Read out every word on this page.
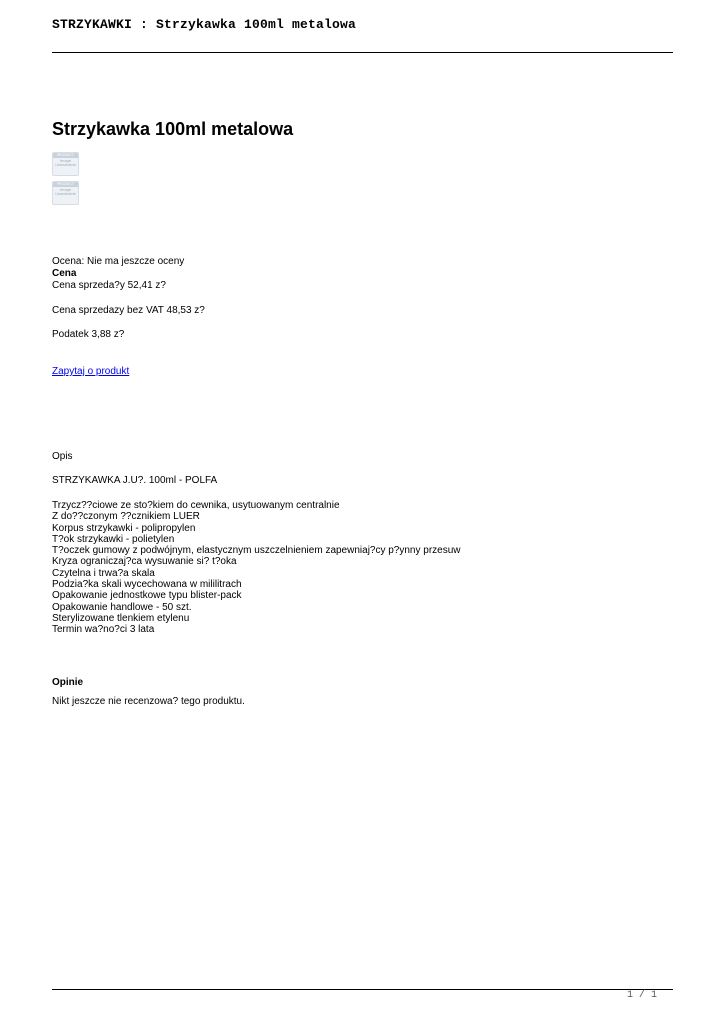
STRZYKAWKI : Strzykawka 100ml metalowa
Strzykawka 100ml metalowa
PRODUCT
Image
Unavailable
PRODUCT
Image
Unavailable
Ocena: Nie ma jeszcze oceny
Cena
Cena sprzeda?y 52,41 z?
Cena sprzedazy bez VAT 48,53 z?
Podatek 3,88 z?
Zapytaj o produkt
Opis
STRZYKAWKA J.U?. 100ml - POLFA
Trzycz??ciowe ze sto?kiem do cewnika, usytuowanym centralnie
Z do??czonym ??cznikiem LUER
Korpus strzykawki - polipropylen
T?ok strzykawki - polietylen
T?oczek gumowy z podwójnym, elastycznym uszczelnieniem zapewniaj?cy p?ynny przesuw
Kryza ograniczaj?ca wysuwanie si? t?oka
Czytelna i trwa?a skala
Podzia?ka skali wycechowana w mililitrach
Opakowanie jednostkowe typu blister-pack
Opakowanie handlowe - 50 szt.
Sterylizowane tlenkiem etylenu
Termin wa?no?ci 3 lata
Opinie
Nikt jeszcze nie recenzowa? tego produktu.
1 / 1
